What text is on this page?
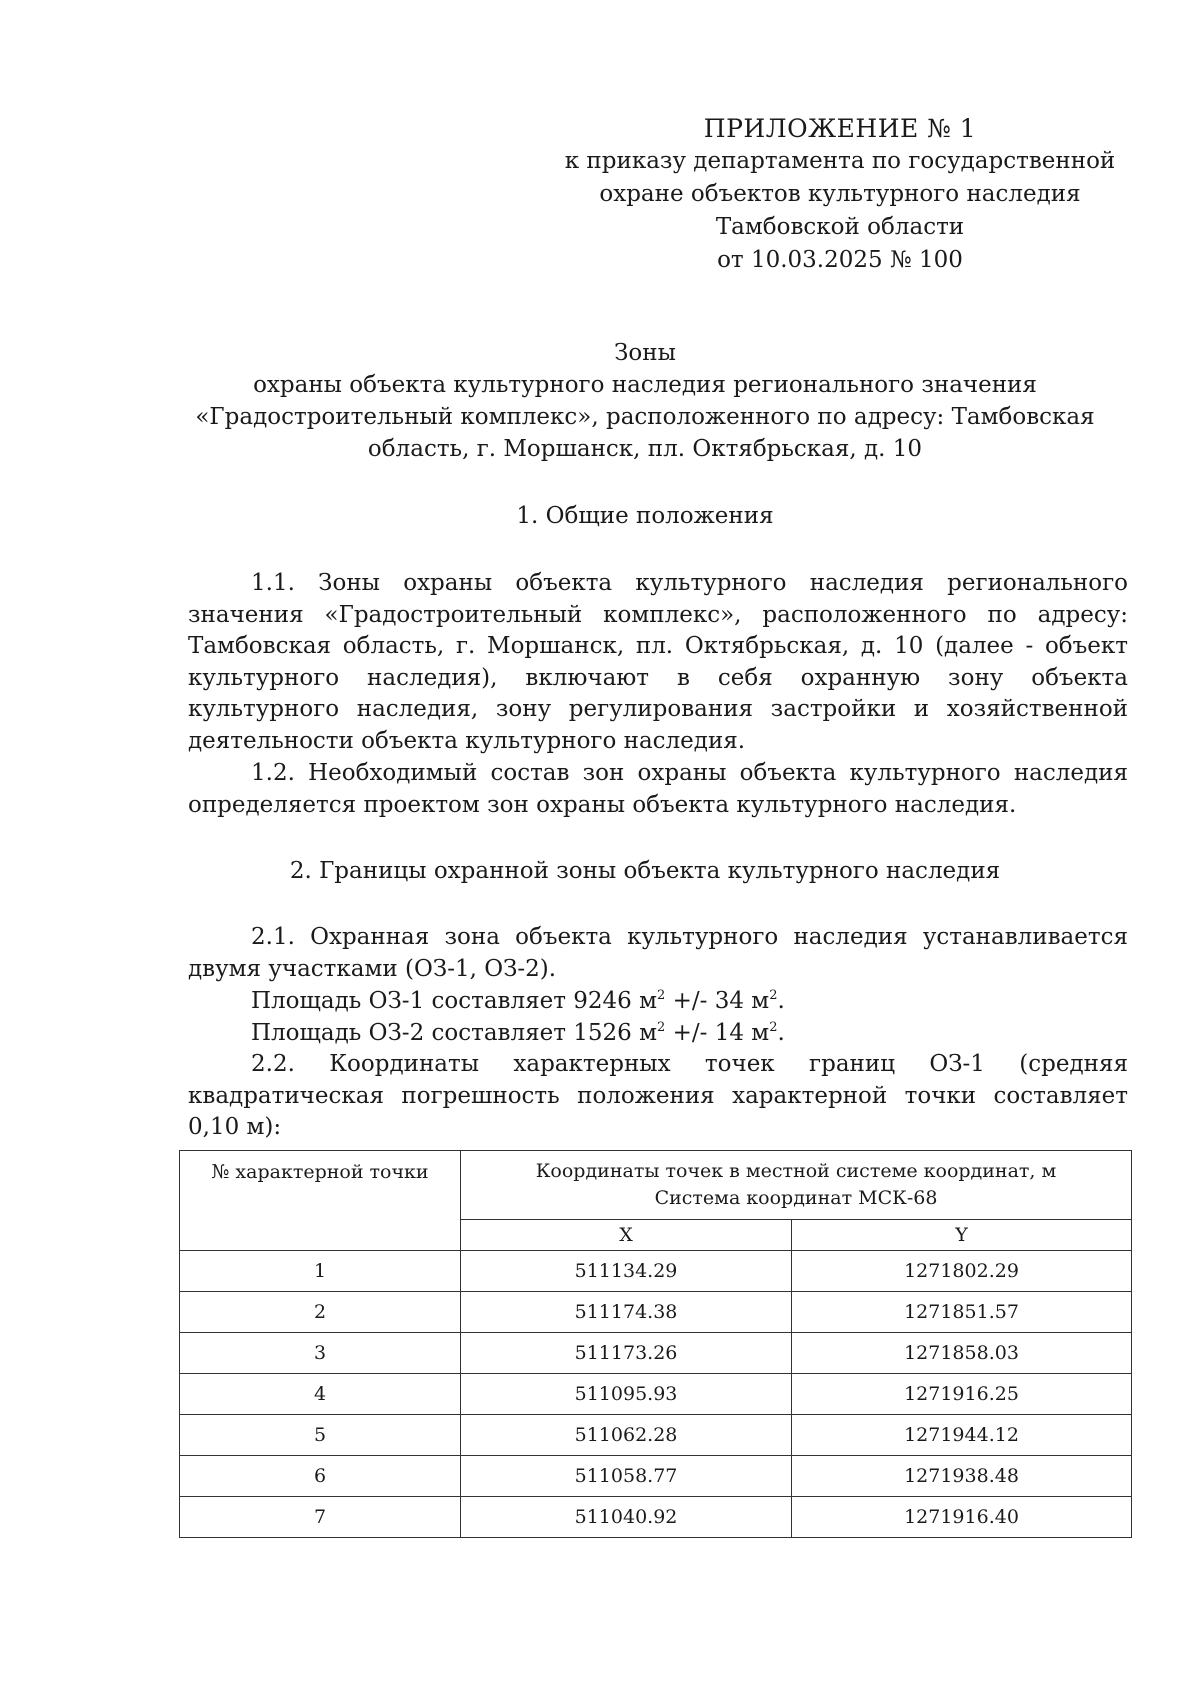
ПРИЛОЖЕНИЕ № 1
к приказу департамента по государственной
охране объектов культурного наследия
Тамбовской области
от 10.03.2025 № 100
Зоны
охраны объекта культурного наследия регионального значения
«Градостроительный комплекс», расположенного по адресу: Тамбовская
область, г. Моршанск, пл. Октябрьская, д. 10
1. Общие положения
1.1. Зоны охраны объекта культурного наследия регионального значения «Градостроительный комплекс», расположенного по адресу: Тамбовская область, г. Моршанск, пл. Октябрьская, д. 10 (далее - объект культурного наследия), включают в себя охранную зону объекта культурного наследия, зону регулирования застройки и хозяйственной деятельности объекта культурного наследия.
1.2. Необходимый состав зон охраны объекта культурного наследия определяется проектом зон охраны объекта культурного наследия.
2. Границы охранной зоны объекта культурного наследия
2.1. Охранная зона объекта культурного наследия устанавливается двумя участками (ОЗ-1, ОЗ-2).
Площадь ОЗ-1 составляет 9246 $м^2$ +/- 34 $м^2$.
Площадь ОЗ-2 составляет 1526 $м^2$ +/- 14 $м^2$.
2.2. Координаты характерных точек границ ОЗ-1 (средняя квадратическая погрешность положения характерной точки составляет 0,10 м):
№ характерной точки	Координаты точек в местной системе координат, м
Система координат МСК-68	

	X	Y
1	511134.29	1271802.29
2	511174.38	1271851.57
3	511173.26	1271858.03
4	511095.93	1271916.25
5	511062.28	1271944.12
6	511058.77	1271938.48
7	511040.92	1271916.40
